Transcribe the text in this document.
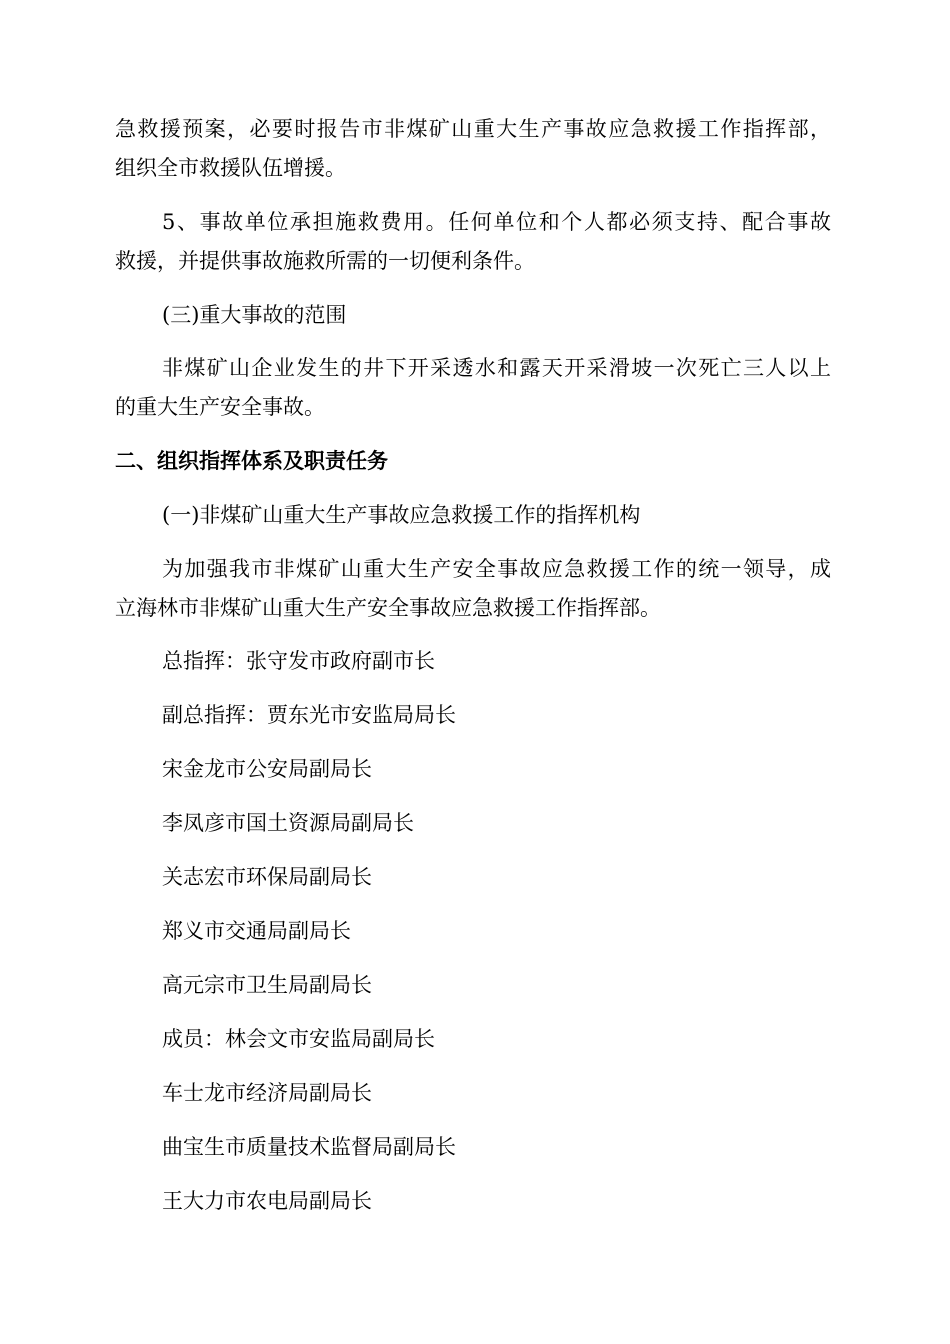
急救援预案，必要时报告市非煤矿山重大生产事故应急救援工作指挥部，
组织全市救援队伍增援。
5、事故单位承担施救费用。任何单位和个人都必须支持、配合事故
救援，并提供事故施救所需的一切便利条件。
(三)重大事故的范围
非煤矿山企业发生的井下开采透水和露天开采滑坡一次死亡三人以上
的重大生产安全事故。
二、组织指挥体系及职责任务
(一)非煤矿山重大生产事故应急救援工作的指挥机构
为加强我市非煤矿山重大生产安全事故应急救援工作的统一领导，成
立海林市非煤矿山重大生产安全事故应急救援工作指挥部。
总指挥：张守发市政府副市长
副总指挥：贾东光市安监局局长
宋金龙市公安局副局长
李凤彦市国土资源局副局长
关志宏市环保局副局长
郑义市交通局副局长
高元宗市卫生局副局长
成员：林会文市安监局副局长
车士龙市经济局副局长
曲宝生市质量技术监督局副局长
王大力市农电局副局长
